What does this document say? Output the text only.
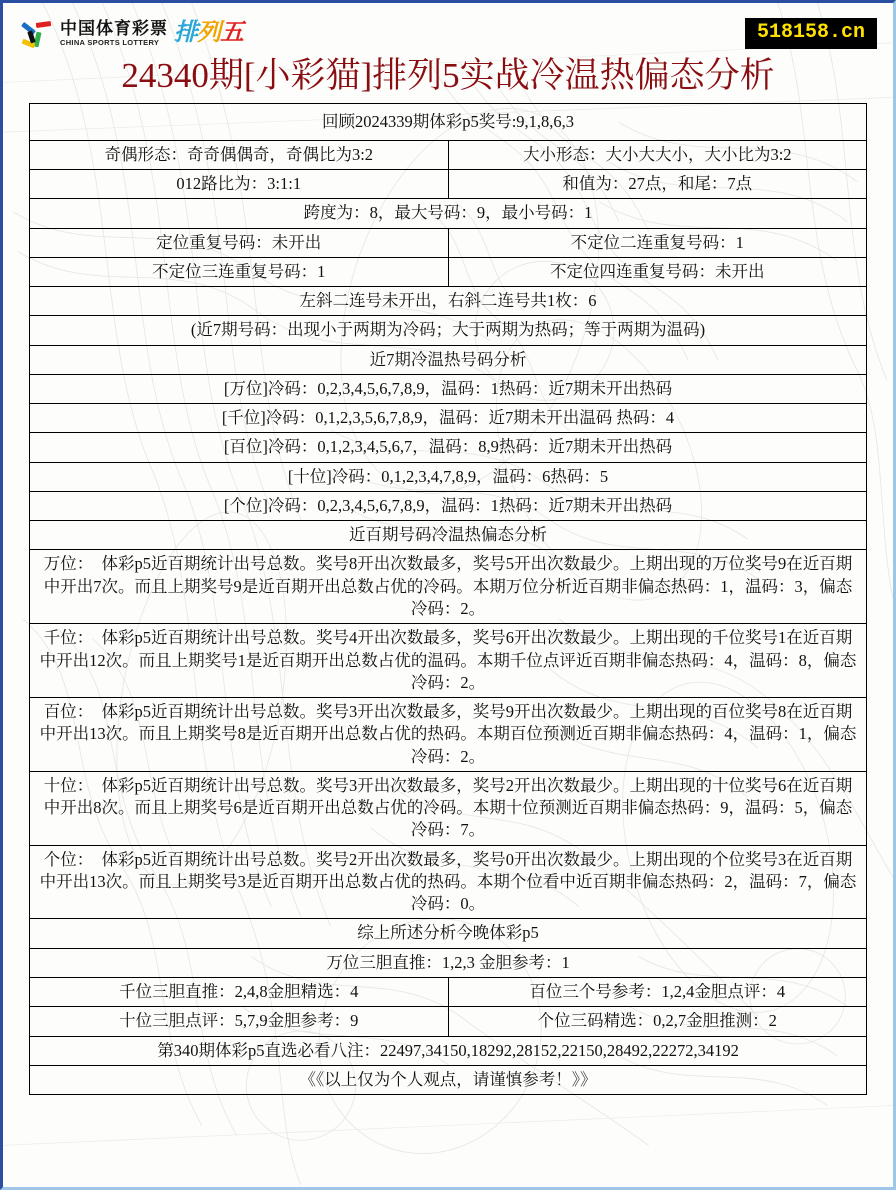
中国体育彩票
CHINA SPORTS LOTTERY 排列五	518158.cn
24340期[小彩猫]排列5实战冷温热偏态分析
回顾2024339期体彩p5奖号:9,1,8,6,3	
奇偶形态：奇奇偶偶奇，奇偶比为3:2	大小形态：大小大大小，大小比为3:2
012路比为：3:1:1	和值为：27点，和尾：7点
跨度为：8，最大号码：9，最小号码：1	
定位重复号码：未开出	不定位二连重复号码：1
不定位三连重复号码：1	不定位四连重复号码：未开出
左斜二连号未开出，右斜二连号共1枚：6	
(近7期号码：出现小于两期为冷码；大于两期为热码；等于两期为温码)	
近7期冷温热号码分析	
[万位]冷码：0,2,3,4,5,6,7,8,9，温码：1热码：近7期未开出热码	
[千位]冷码：0,1,2,3,5,6,7,8,9，温码：近7期未开出温码 热码：4	
[百位]冷码：0,1,2,3,4,5,6,7，温码：8,9热码：近7期未开出热码	
[十位]冷码：0,1,2,3,4,7,8,9，温码：6热码：5	
[个位]冷码：0,2,3,4,5,6,7,8,9，温码：1热码：近7期未开出热码	
近百期号码冷温热偏态分析	
万位：　体彩p5近百期统计出号总数。奖号8开出次数最多，奖号5开出次数最少。上期出现的万位奖号9在近百期中开出7次。而且上期奖号9是近百期开出总数占优的冷码。本期万位分析近百期非偏态热码：1，温码：3，偏态冷码：2。	
千位：　体彩p5近百期统计出号总数。奖号4开出次数最多，奖号6开出次数最少。上期出现的千位奖号1在近百期中开出12次。而且上期奖号1是近百期开出总数占优的温码。本期千位点评近百期非偏态热码：4，温码：8，偏态冷码：2。	
百位：　体彩p5近百期统计出号总数。奖号3开出次数最多，奖号9开出次数最少。上期出现的百位奖号8在近百期中开出13次。而且上期奖号8是近百期开出总数占优的热码。本期百位预测近百期非偏态热码：4，温码：1，偏态冷码：2。	
十位：　体彩p5近百期统计出号总数。奖号3开出次数最多，奖号2开出次数最少。上期出现的十位奖号6在近百期中开出8次。而且上期奖号6是近百期开出总数占优的冷码。本期十位预测近百期非偏态热码：9，温码：5，偏态冷码：7。	
个位：　体彩p5近百期统计出号总数。奖号2开出次数最多，奖号0开出次数最少。上期出现的个位奖号3在近百期中开出13次。而且上期奖号3是近百期开出总数占优的热码。本期个位看中近百期非偏态热码：2，温码：7，偏态冷码：0。	
综上所述分析今晚体彩p5	
万位三胆直推：1,2,3 金胆参考：1	
千位三胆直推：2,4,8金胆精选：4	百位三个号参考：1,2,4金胆点评：4
十位三胆点评：5,7,9金胆参考：9	个位三码精选：0,2,7金胆推测：2
第340期体彩p5直选必看八注：22497,34150,18292,28152,22150,28492,22272,34192	
《《以上仅为个人观点，请谨慎参考！》》	
